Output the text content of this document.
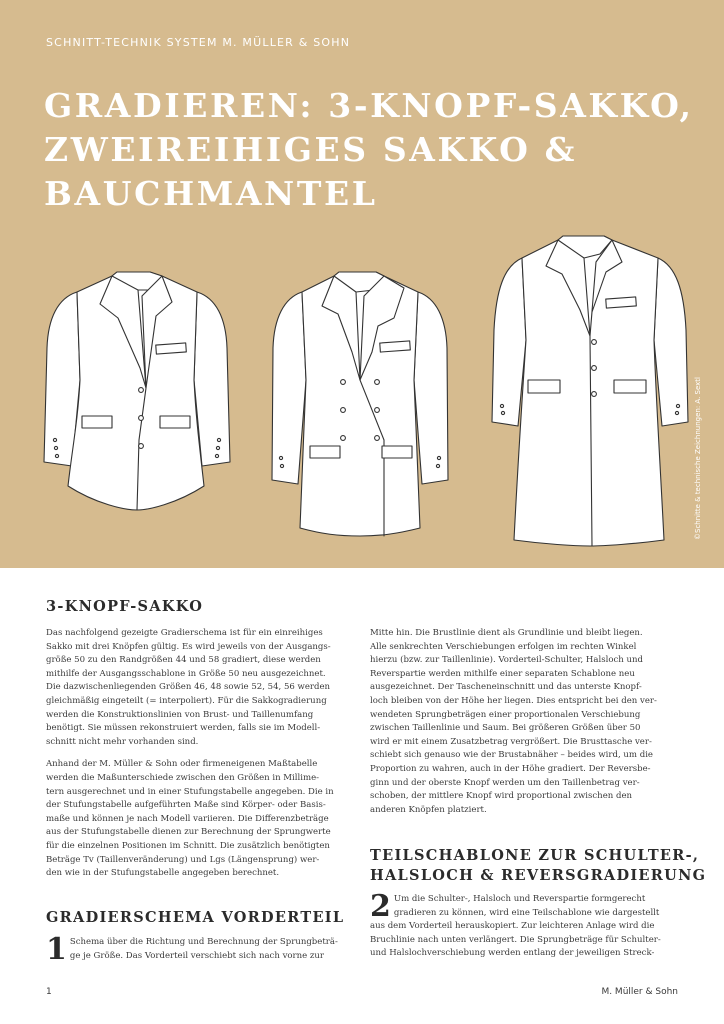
SCHNITT-TECHNIK SYSTEM M. MÜLLER & SOHN
GRADIEREN: 3-KNOPF-SAKKO,
ZWEIREIHIGES SAKKO &
BAUCHMANTEL
©Schnitte & technische Zeichnungen: A. Sextl
3-KNOPF-SAKKO

Das nachfolgend gezeigte Gradierschema ist für ein einreihiges
Sakko mit drei Knöpfen gültig. Es wird jeweils von der Ausgangs-
größe 50 zu den Randgrößen 44 und 58 gradiert, diese werden
mithilfe der Ausgangsschablone in Größe 50 neu ausgezeichnet.
Die dazwischenliegenden Größen 46, 48 sowie 52, 54, 56 werden
gleichmäßig eingeteilt (= interpoliert). Für die Sakkogradierung
werden die Konstruktionslinien von Brust- und Taillenumfang
benötigt. Sie müssen rekonstruiert werden, falls sie im Modell-
schnitt nicht mehr vorhanden sind.

Anhand der M. Müller & Sohn oder firmeneigenen Maßtabelle
werden die Maßunterschiede zwischen den Größen in Millime-
tern ausgerechnet und in einer Stufungstabelle angegeben. Die in
der Stufungstabelle aufgeführten Maße sind Körper- oder Basis-
maße und können je nach Modell variieren. Die Differenzbeträge
aus der Stufungstabelle dienen zur Berechnung der Sprungwerte
für die einzelnen Positionen im Schnitt. Die zusätzlich benötigten
Beträge Tv (Taillenveränderung) und Lgs (Längensprung) wer-
den wie in der Stufungstabelle angegeben berechnet.

GRADIERSCHEMA VORDERTEIL
1 Schema über die Richtung und Berechnung der Sprungbeträ-
ge je Größe. Das Vorderteil verschiebt sich nach vorne zur

Mitte hin. Die Brustlinie dient als Grundlinie und bleibt liegen.
Alle senkrechten Verschiebungen erfolgen im rechten Winkel
hierzu (bzw. zur Taillenlinie). Vorderteil-Schulter, Halsloch und
Reverspartie werden mithilfe einer separaten Schablone neu
ausgezeichnet. Der Tascheneinschnitt und das unterste Knopf-
loch bleiben von der Höhe her liegen. Dies entspricht bei den ver-
wendeten Sprungbeträgen einer proportionalen Verschiebung
zwischen Taillenlinie und Saum. Bei größeren Größen über 50
wird er mit einem Zusatzbetrag vergrößert. Die Brusttasche ver-
schiebt sich genauso wie der Brustabnäher – beides wird, um die
Proportion zu wahren, auch in der Höhe gradiert. Der Reversbe-
ginn und der oberste Knopf werden um den Taillenbetrag ver-
schoben, der mittlere Knopf wird proportional zwischen den
anderen Knöpfen platziert.

TEILSCHABLONE ZUR SCHULTER-,
HALSLOCH & REVERSGRADIERUNG
2 Um die Schulter-, Halsloch und Reverspartie formgerecht
gradieren zu können, wird eine Teilschablone wie dargestellt
aus dem Vorderteil herauskopiert. Zur leichteren Anlage wird die
Bruchlinie nach unten verlängert. Die Sprungbeträge für Schulter-
und Halslochverschiebung werden entlang der jeweiligen Streck-
1	M. Müller & Sohn
